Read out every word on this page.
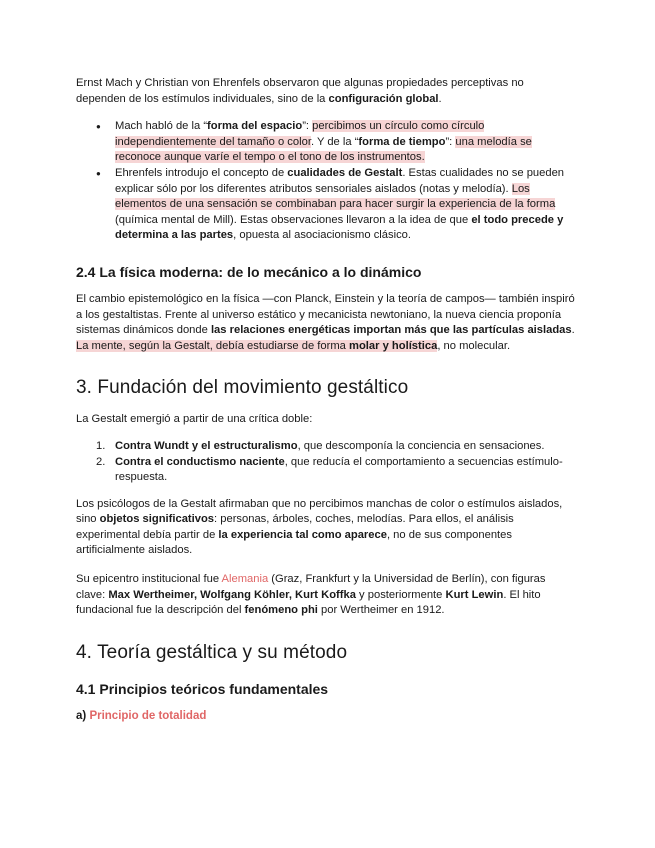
Ernst Mach y Christian von Ehrenfels observaron que algunas propiedades perceptivas no dependen de los estímulos individuales, sino de la configuración global.

● Mach habló de la “forma del espacio”: percibimos un círculo como círculo independientemente del tamaño o color. Y de la “forma de tiempo”: una melodía se reconoce aunque varíe el tempo o el tono de los instrumentos.
● Ehrenfels introdujo el concepto de cualidades de Gestalt. Estas cualidades no se pueden explicar sólo por los diferentes atributos sensoriales aislados (notas y melodía). Los elementos de una sensación se combinaban para hacer surgir la experiencia de la forma (química mental de Mill). Estas observaciones llevaron a la idea de que el todo precede y determina a las partes, opuesta al asociacionismo clásico.
2.4 La física moderna: de lo mecánico a lo dinámico

El cambio epistemológico en la física —con Planck, Einstein y la teoría de campos— también inspiró a los gestaltistas. Frente al universo estático y mecanicista newtoniano, la nueva ciencia proponía sistemas dinámicos donde las relaciones energéticas importan más que las partículas aisladas. La mente, según la Gestalt, debía estudiarse de forma molar y holística, no molecular.

3. Fundación del movimiento gestáltico

La Gestalt emergió a partir de una crítica doble:

1. Contra Wundt y el estructuralismo, que descomponía la conciencia en sensaciones.
2. Contra el conductismo naciente, que reducía el comportamiento a secuencias estímulo-respuesta.

Los psicólogos de la Gestalt afirmaban que no percibimos manchas de color o estímulos aislados, sino objetos significativos: personas, árboles, coches, melodías. Para ellos, el análisis experimental debía partir de la experiencia tal como aparece, no de sus componentes artificialmente aislados.

Su epicentro institucional fue Alemania (Graz, Frankfurt y la Universidad de Berlín), con figuras clave: Max Wertheimer, Wolfgang Köhler, Kurt Koffka y posteriormente Kurt Lewin. El hito fundacional fue la descripción del fenómeno phi por Wertheimer en 1912.

4. Teoría gestáltica y su método
4.1 Principios teóricos fundamentales

a) Principio de totalidad
